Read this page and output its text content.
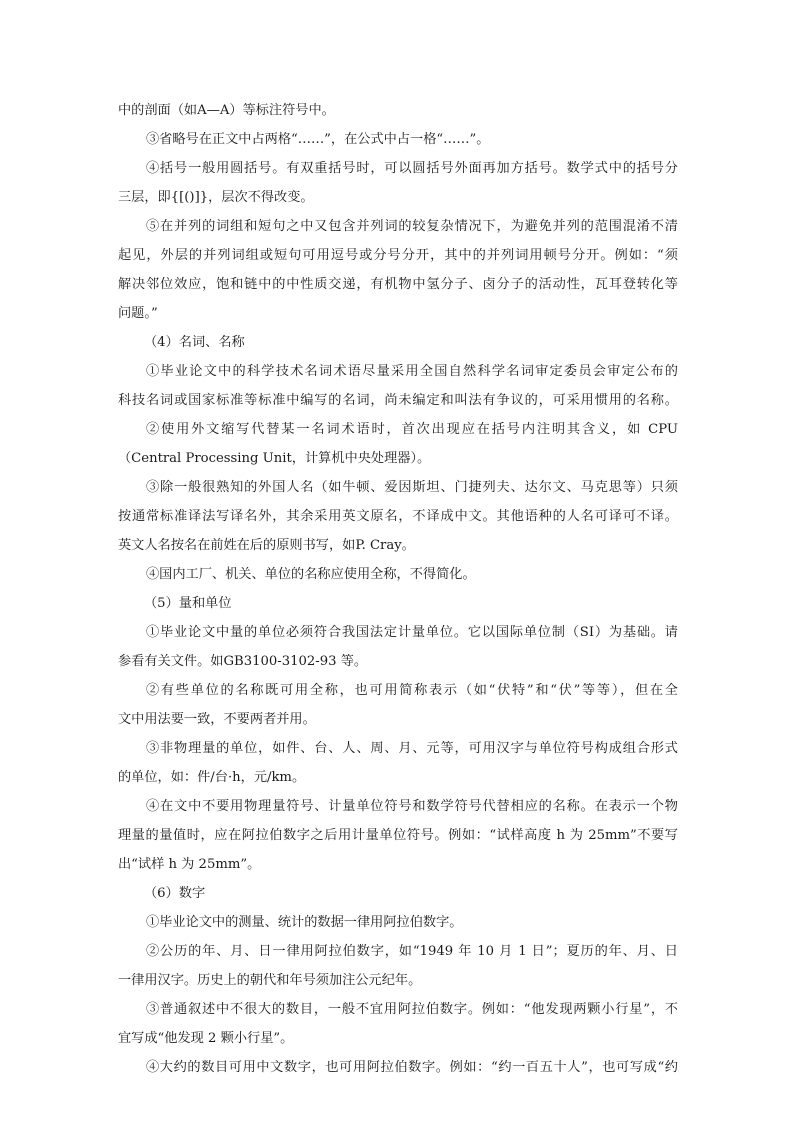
中的剖面（如A—A）等标注符号中。
③省略号在正文中占两格“……”，在公式中占一格“……”。
④括号一般用圆括号。有双重括号时，可以圆括号外面再加方括号。数学式中的括号分
三层，即{[()]}，层次不得改变。
⑤在并列的词组和短句之中又包含并列词的较复杂情况下，为避免并列的范围混淆不清
起见，外层的并列词组或短句可用逗号或分号分开，其中的并列词用顿号分开。例如：“须
解决邻位效应，饱和链中的中性质交递，有机物中氢分子、卤分子的活动性，瓦耳登转化等
问题。”
（4）名词、名称
①毕业论文中的科学技术名词术语尽量采用全国自然科学名词审定委员会审定公布的
科技名词或国家标准等标准中编写的名词，尚未编定和叫法有争议的，可采用惯用的名称。
②使用外文缩写代替某一名词术语时，首次出现应在括号内注明其含义，如 CPU
（Central Processing Unit，计算机中央处理器）。
③除一般很熟知的外国人名（如牛顿、爱因斯坦、门捷列夫、达尔文、马克思等）只须
按通常标准译法写译名外，其余采用英文原名，不译成中文。其他语种的人名可译可不译。
英文人名按名在前姓在后的原则书写，如P. Cray。
④国内工厂、机关、单位的名称应使用全称，不得简化。
（5）量和单位
①毕业论文中量的单位必须符合我国法定计量单位。它以国际单位制（SI）为基础。请
参看有关文件。如GB3100-3102-93 等。
②有些单位的名称既可用全称，也可用简称表示（如“伏特”和“伏”等等），但在全
文中用法要一致，不要两者并用。
③非物理量的单位，如件、台、人、周、月、元等，可用汉字与单位符号构成组合形式
的单位，如：件/台·h，元/km。
④在文中不要用物理量符号、计量单位符号和数学符号代替相应的名称。在表示一个物
理量的量值时，应在阿拉伯数字之后用计量单位符号。例如：“试样高度 h 为 25mm”不要写
出“试样 h 为 25mm”。
（6）数字
①毕业论文中的测量、统计的数据一律用阿拉伯数字。
②公历的年、月、日一律用阿拉伯数字，如“1949 年 10 月 1 日”；夏历的年、月、日
一律用汉字。历史上的朝代和年号须加注公元纪年。
③普通叙述中不很大的数目，一般不宜用阿拉伯数字。例如：“他发现两颗小行星”，不
宜写成“他发现 2 颗小行星”。
④大约的数目可用中文数字，也可用阿拉伯数字。例如：“约一百五十人”，也可写成“约
